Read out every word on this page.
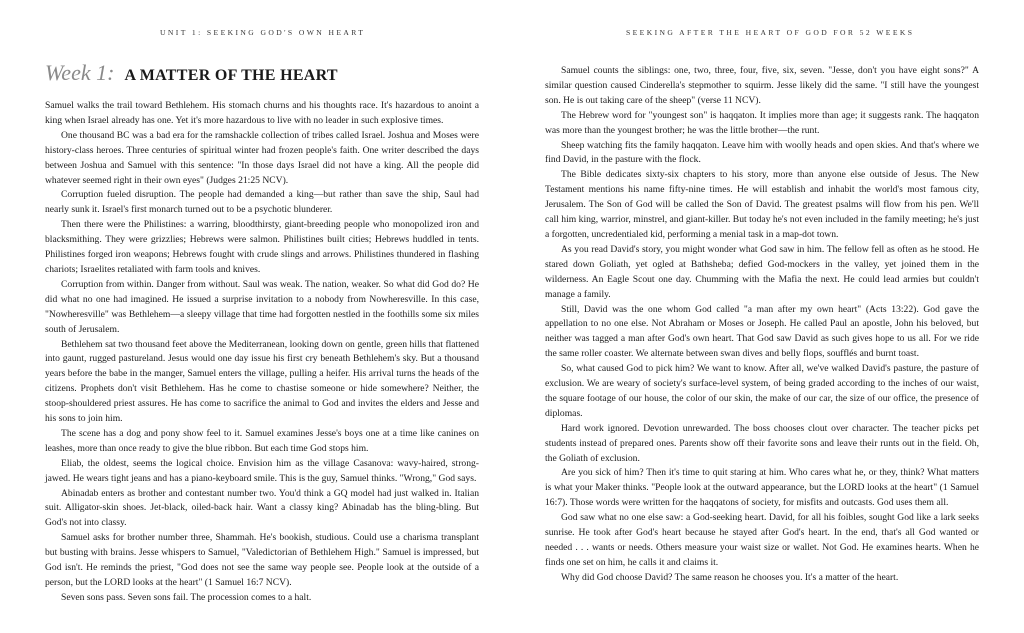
UNIT 1: SEEKING GOD'S OWN HEART	SEEKING AFTER THE HEART OF GOD FOR 52 WEEKS
Week 1: A MATTER OF THE HEART

Samuel walks the trail toward Bethlehem. His stomach churns and his thoughts race. It's hazardous to anoint a king when Israel already has one. Yet it's more hazardous to live with no leader in such explosive times.

One thousand BC was a bad era for the ramshackle collection of tribes called Israel. Joshua and Moses were history-class heroes. Three centuries of spiritual winter had frozen people's faith. One writer described the days between Joshua and Samuel with this sentence: "In those days Israel did not have a king. All the people did whatever seemed right in their own eyes" (Judges 21:25 NCV).

Corruption fueled disruption. The people had demanded a king—but rather than save the ship, Saul had nearly sunk it. Israel's first monarch turned out to be a psychotic blunderer.

Then there were the Philistines: a warring, bloodthirsty, giant-breeding people who monopolized iron and blacksmithing. They were grizzlies; Hebrews were salmon. Philistines built cities; Hebrews huddled in tents. Philistines forged iron weapons; Hebrews fought with crude slings and arrows. Philistines thundered in flashing chariots; Israelites retaliated with farm tools and knives.

Corruption from within. Danger from without. Saul was weak. The nation, weaker. So what did God do? He did what no one had imagined. He issued a surprise invitation to a nobody from Nowheresville. In this case, "Nowheresville" was Bethlehem—a sleepy village that time had forgotten nestled in the foothills some six miles south of Jerusalem.

Bethlehem sat two thousand feet above the Mediterranean, looking down on gentle, green hills that flattened into gaunt, rugged pastureland. Jesus would one day issue his first cry beneath Bethlehem's sky. But a thousand years before the babe in the manger, Samuel enters the village, pulling a heifer. His arrival turns the heads of the citizens. Prophets don't visit Bethlehem. Has he come to chastise someone or hide somewhere? Neither, the stoop-shouldered priest assures. He has come to sacrifice the animal to God and invites the elders and Jesse and his sons to join him.

The scene has a dog and pony show feel to it. Samuel examines Jesse's boys one at a time like canines on leashes, more than once ready to give the blue ribbon. But each time God stops him.

Eliab, the oldest, seems the logical choice. Envision him as the village Casanova: wavy-haired, strong-jawed. He wears tight jeans and has a piano-keyboard smile. This is the guy, Samuel thinks. "Wrong," God says.

Abinadab enters as brother and contestant number two. You'd think a GQ model had just walked in. Italian suit. Alligator-skin shoes. Jet-black, oiled-back hair. Want a classy king? Abinadab has the bling-bling. But God's not into classy.

Samuel asks for brother number three, Shammah. He's bookish, studious. Could use a charisma transplant but busting with brains. Jesse whispers to Samuel, "Valedictorian of Bethlehem High." Samuel is impressed, but God isn't. He reminds the priest, "God does not see the same way people see. People look at the outside of a person, but the LORD looks at the heart" (1 Samuel 16:7 NCV).

Seven sons pass. Seven sons fail. The procession comes to a halt.

Samuel counts the siblings: one, two, three, four, five, six, seven. "Jesse, don't you have eight sons?" A similar question caused Cinderella's stepmother to squirm. Jesse likely did the same. "I still have the youngest son. He is out taking care of the sheep" (verse 11 NCV).

The Hebrew word for "youngest son" is haqqaton. It implies more than age; it suggests rank. The haqqaton was more than the youngest brother; he was the little brother—the runt.

Sheep watching fits the family haqqaton. Leave him with woolly heads and open skies. And that's where we find David, in the pasture with the flock.

The Bible dedicates sixty-six chapters to his story, more than anyone else outside of Jesus. The New Testament mentions his name fifty-nine times. He will establish and inhabit the world's most famous city, Jerusalem. The Son of God will be called the Son of David. The greatest psalms will flow from his pen. We'll call him king, warrior, minstrel, and giant-killer. But today he's not even included in the family meeting; he's just a forgotten, uncredentialed kid, performing a menial task in a map-dot town.

As you read David's story, you might wonder what God saw in him. The fellow fell as often as he stood. He stared down Goliath, yet ogled at Bathsheba; defied God-mockers in the valley, yet joined them in the wilderness. An Eagle Scout one day. Chumming with the Mafia the next. He could lead armies but couldn't manage a family.

Still, David was the one whom God called "a man after my own heart" (Acts 13:22). God gave the appellation to no one else. Not Abraham or Moses or Joseph. He called Paul an apostle, John his beloved, but neither was tagged a man after God's own heart. That God saw David as such gives hope to us all. For we ride the same roller coaster. We alternate between swan dives and belly flops, soufflés and burnt toast.

So, what caused God to pick him? We want to know. After all, we've walked David's pasture, the pasture of exclusion. We are weary of society's surface-level system, of being graded according to the inches of our waist, the square footage of our house, the color of our skin, the make of our car, the size of our office, the presence of diplomas.

Hard work ignored. Devotion unrewarded. The boss chooses clout over character. The teacher picks pet students instead of prepared ones. Parents show off their favorite sons and leave their runts out in the field. Oh, the Goliath of exclusion.

Are you sick of him? Then it's time to quit staring at him. Who cares what he, or they, think? What matters is what your Maker thinks. "People look at the outward appearance, but the LORD looks at the heart" (1 Samuel 16:7). Those words were written for the haqqatons of society, for misfits and outcasts. God uses them all.

God saw what no one else saw: a God-seeking heart. David, for all his foibles, sought God like a lark seeks sunrise. He took after God's heart because he stayed after God's heart. In the end, that's all God wanted or needed . . . wants or needs. Others measure your waist size or wallet. Not God. He examines hearts. When he finds one set on him, he calls it and claims it.

Why did God choose David? The same reason he chooses you. It's a matter of the heart.
